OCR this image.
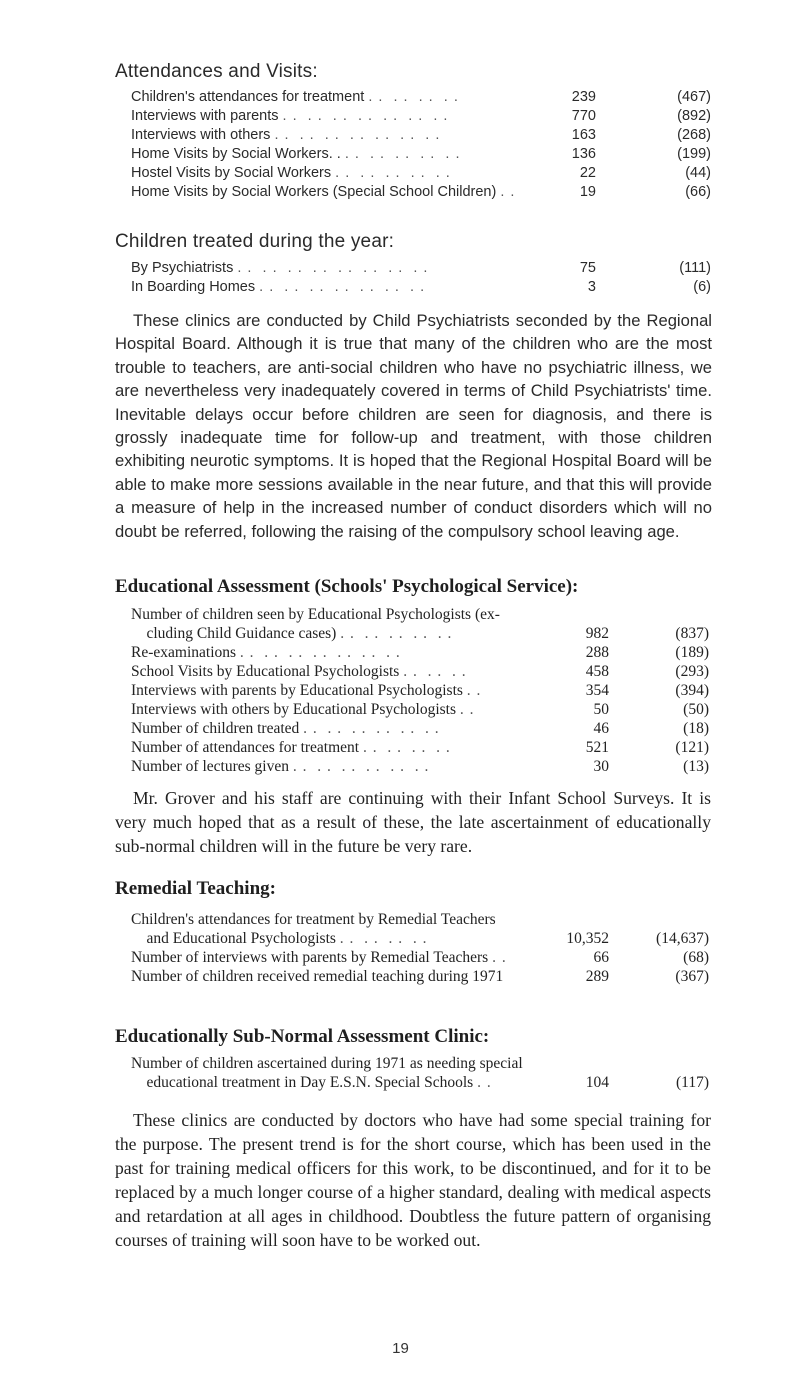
Attendances and Visits:
Children's attendances for treatment . .  . .  . .  . .	239	(467)
Interviews with parents . .  . .  . .  . .  . .  . .  . .	770	(892)
Interviews with others . .  . .  . .  . .  . .  . .  . .	163	(268)
Home Visits by Social Workers. . . .  . .  . .  . .  . .	136	(199)
Hostel Visits by Social Workers . .  . .  . .  . .  . .	22	(44)
Home Visits by Social Workers (Special School Children) . .	19	(66)
Children treated during the year:
By Psychiatrists . .  . .  . .  . .  . .  . .  . .  . .	75	(111)
In Boarding Homes . .  . .  . .  . .  . .  . .  . .	3	(6)
These clinics are conducted by Child Psychiatrists seconded by the Regional Hospital Board. Although it is true that many of the children who are the most trouble to teachers, are anti-social children who have no psychiatric illness, we are nevertheless very inadequately covered in terms of Child Psychiatrists' time. Inevitable delays occur before children are seen for diagnosis, and there is grossly inadequate time for follow-up and treatment, with those children exhibiting neurotic symptoms. It is hoped that the Regional Hospital Board will be able to make more sessions available in the near future, and that this will provide a measure of help in the increased number of conduct disorders which will no doubt be referred, following the raising of the compulsory school leaving age.
Educational Assessment (Schools' Psychological Service):
Number of children seen by Educational Psychologists (ex-
cluding Child Guidance cases) . .  . .  . .  . .  . .	982	(837)
Re-examinations . .  . .  . .  . .  . .  . .  . .	288	(189)
School Visits by Educational Psychologists . .  . .  . .	458	(293)
Interviews with parents by Educational Psychologists . .	354	(394)
Interviews with others by Educational Psychologists . .	50	(50)
Number of children treated . .  . .  . .  . .  . .  . .	46	(18)
Number of attendances for treatment . .  . .  . .  . .	521	(121)
Number of lectures given . .  . .  . .  . .  . .  . .	30	(13)
Mr. Grover and his staff are continuing with their Infant School Surveys. It is very much hoped that as a result of these, the late ascertainment of educationally sub-normal children will in the future be very rare.
Remedial Teaching:
Children's attendances for treatment by Remedial Teachers
and Educational Psychologists . .  . .  . .  . .	10,352	(14,637)
Number of interviews with parents by Remedial Teachers . .	66	(68)
Number of children received remedial teaching during 1971	289	(367)
Educationally Sub-Normal Assessment Clinic:
Number of children ascertained during 1971 as needing special
educational treatment in Day E.S.N. Special Schools . .	104	(117)
These clinics are conducted by doctors who have had some special training for the purpose. The present trend is for the short course, which has been used in the past for training medical officers for this work, to be discontinued, and for it to be replaced by a much longer course of a higher standard, dealing with medical aspects and retardation at all ages in childhood. Doubtless the future pattern of organising courses of training will soon have to be worked out.
19
